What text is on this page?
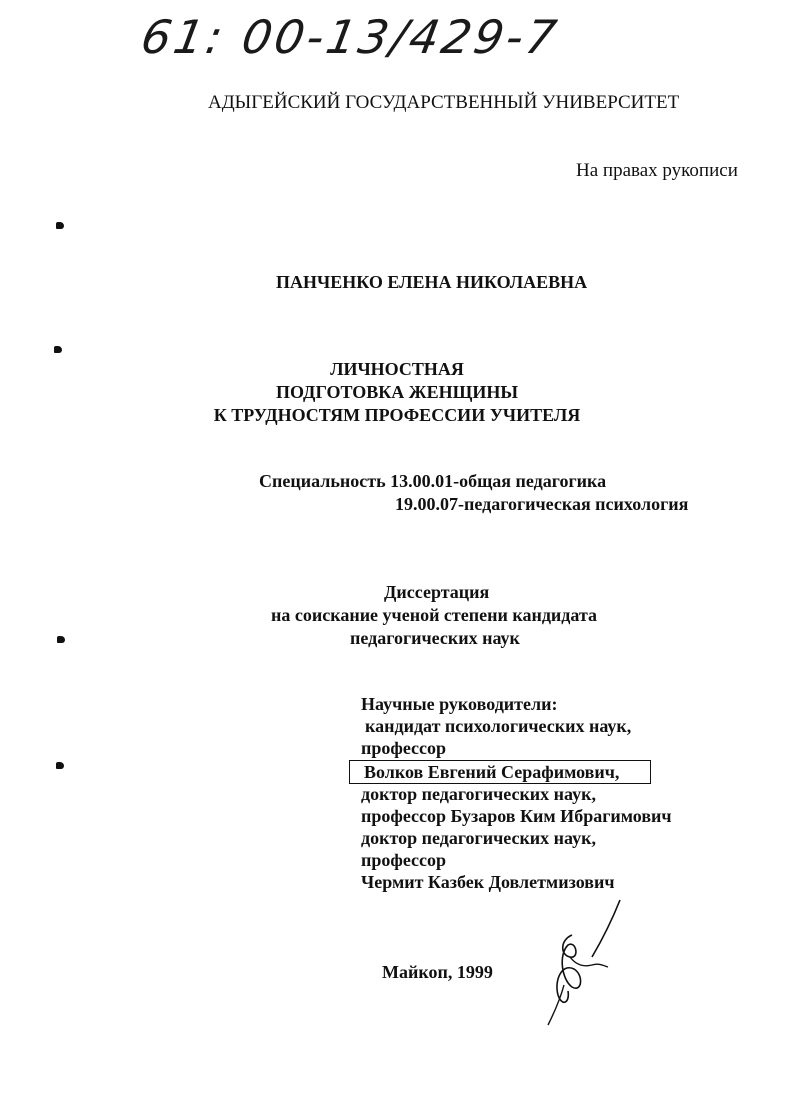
61: 00-13/429-7
АДЫГЕЙСКИЙ ГОСУДАРСТВЕННЫЙ УНИВЕРСИТЕТ
На правах рукописи
ПАНЧЕНКО ЕЛЕНА НИКОЛАЕВНА
ЛИЧНОСТНАЯ
ПОДГОТОВКА ЖЕНЩИНЫ
К ТРУДНОСТЯМ ПРОФЕССИИ УЧИТЕЛЯ
Специальность 13.00.01-общая педагогика
19.00.07-педагогическая психология
Диссертация
на соискание ученой степени кандидата
педагогических наук
Научные руководители:
кандидат психологических наук,
профессор
Волков Евгений Серафимович,
доктор педагогических наук,
профессор Бузаров Ким Ибрагимович
доктор педагогических наук,
профессор
Чермит Казбек Довлетмизович
Майкоп, 1999
